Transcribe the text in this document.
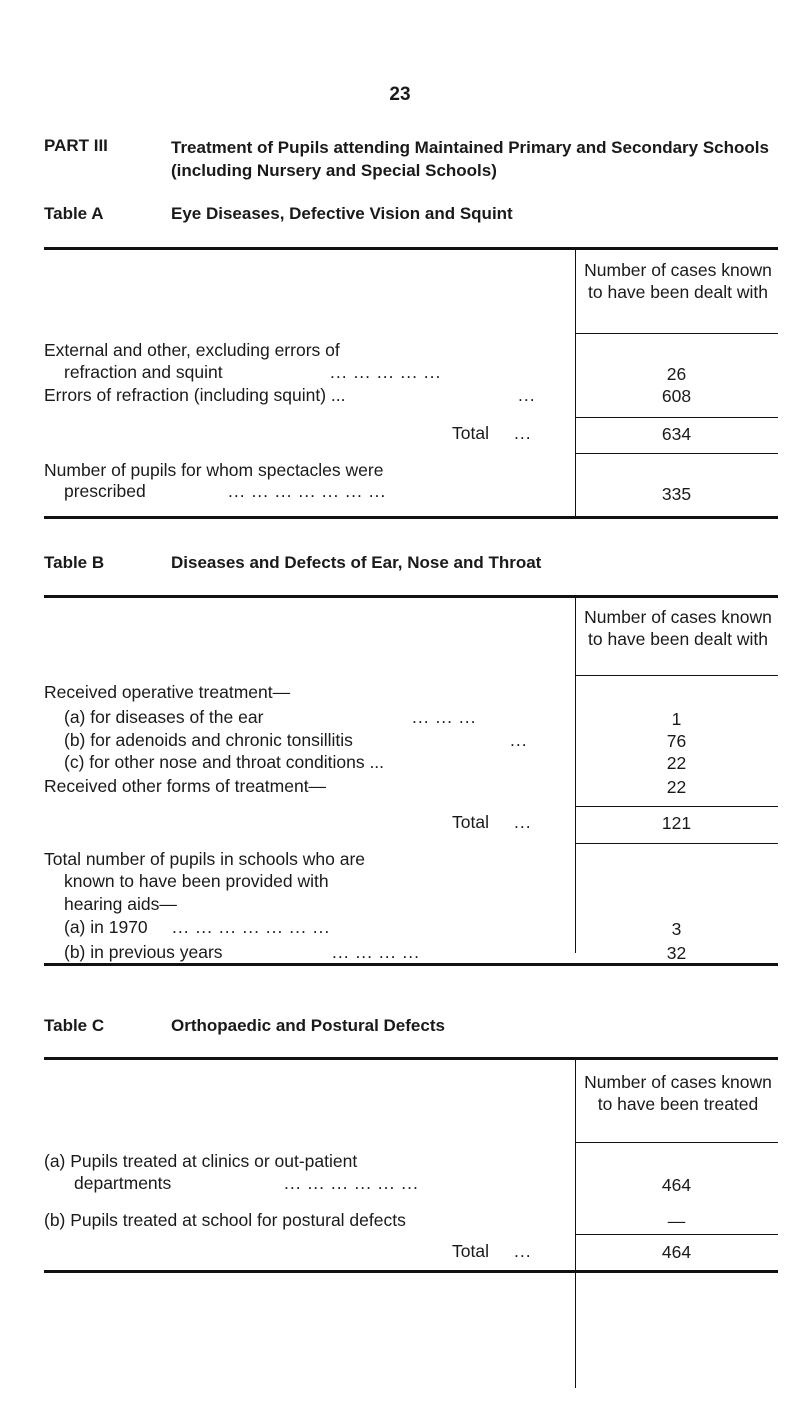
23
PART III	Treatment of Pupils attending Maintained Primary and Secondary Schools (including Nursery and Special Schools)
Table A	Eye Diseases, Defective Vision and Squint
Number of cases known to have been dealt with
External and other, excluding errors of
refraction and squint	... ... ... ... ...	26
Errors of refraction (including squint) ...	...	608
Total ...	634
Number of pupils for whom spectacles were
prescribed	... ... ... ... ... ... ...	335
Table B	Diseases and Defects of Ear, Nose and Throat
Number of cases known to have been dealt with
Received operative treatment—
(a) for diseases of the ear	... ... ...	1
(b) for adenoids and chronic tonsillitis	...	76
(c) for other nose and throat conditions ...	22
Received other forms of treatment—	22
Total ...	121
Total number of pupils in schools who are
known to have been provided with
hearing aids—
(a) in 1970 ... ... ... ... ... ... ...	3
(b) in previous years	... ... ... ...	32
Table C	Orthopaedic and Postural Defects
Number of cases known to have been treated
(a) Pupils treated at clinics or out-patient
departments	... ... ... ... ... ...	464
(b) Pupils treated at school for postural defects	—
Total ...	464
